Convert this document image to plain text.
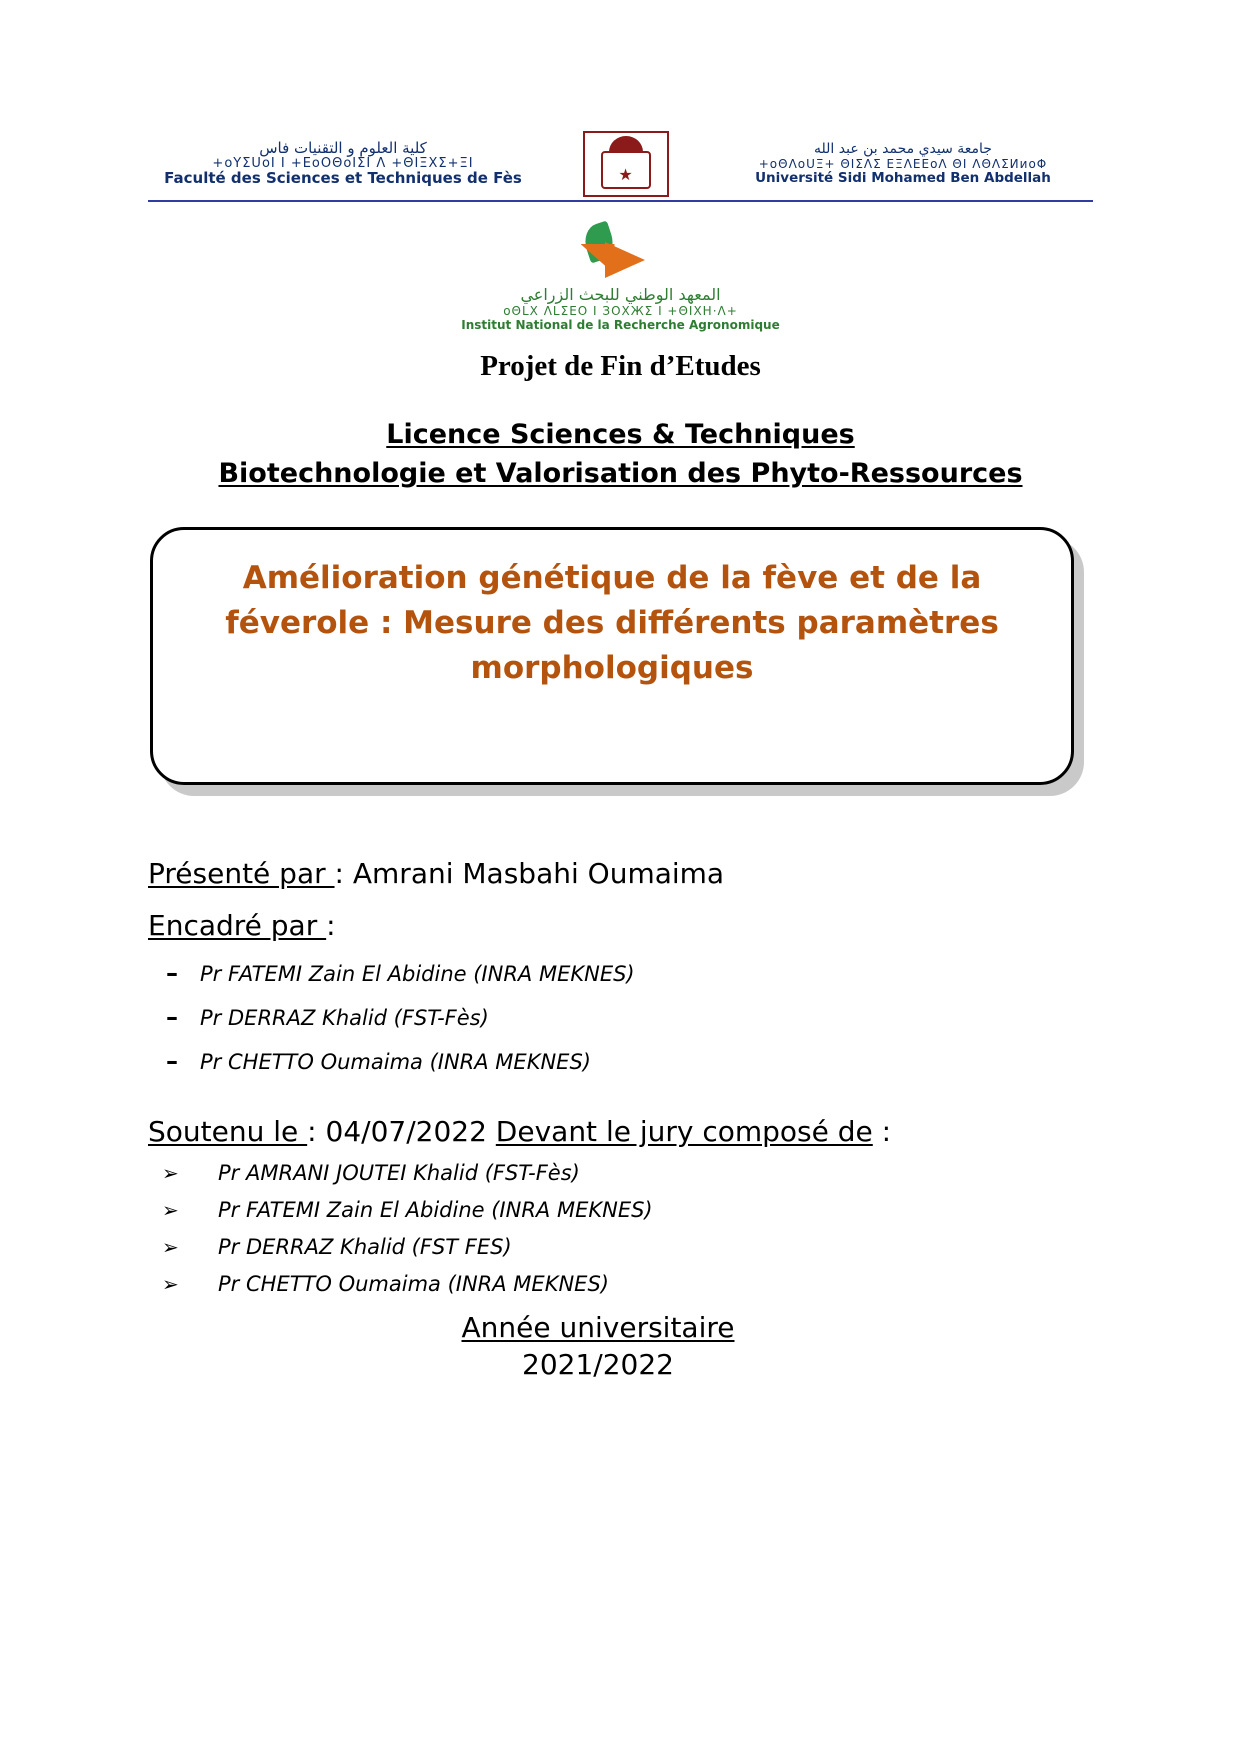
كلية العلوم و التقنيات فاس
+oΥΣUoI I +ΕoOΘoIΣI Λ +ΘIΞΧΣ+ΞI
Faculté des Sciences et Techniques de Fès	★
جامعة سيدي محمد بن عبد الله
+oΘΛoUΞ+ ΘIΣΛΣ ΕΞΛΕΕoΛ ΘI ΛΘΛΣИиoΦ
Université Sidi Mohamed Ben Abdellah
المعهد الوطني للبحث الزراعي
oΘLΧ ΛLΣΕO I ЗOΧЖΣ I +ΘΙΧΗ⋅Λ+
Institut National de la Recherche Agronomique
Projet de Fin d’Etudes
Licence Sciences & Techniques
Biotechnologie et Valorisation des Phyto-Ressources
Amélioration génétique de la fève et de la féverole : Mesure des différents paramètres morphologiques
Présenté par : Amrani Masbahi Oumaima
Encadré par :
–	Pr
FATEMI Zain El Abidine (INRA MEKNES)
–	Pr
DERRAZ Khalid (FST-Fès)
–	Pr
CHETTO Oumaima (INRA MEKNES)
Soutenu le : 04/07/2022 Devant le jury composé de :
➢	Pr
AMRANI JOUTEI Khalid (FST-Fès)
➢	Pr
FATEMI Zain El Abidine (INRA MEKNES)
➢	Pr
DERRAZ Khalid (FST FES)
➢	Pr
CHETTO Oumaima (INRA MEKNES)
Année universitaire
2021/2022
